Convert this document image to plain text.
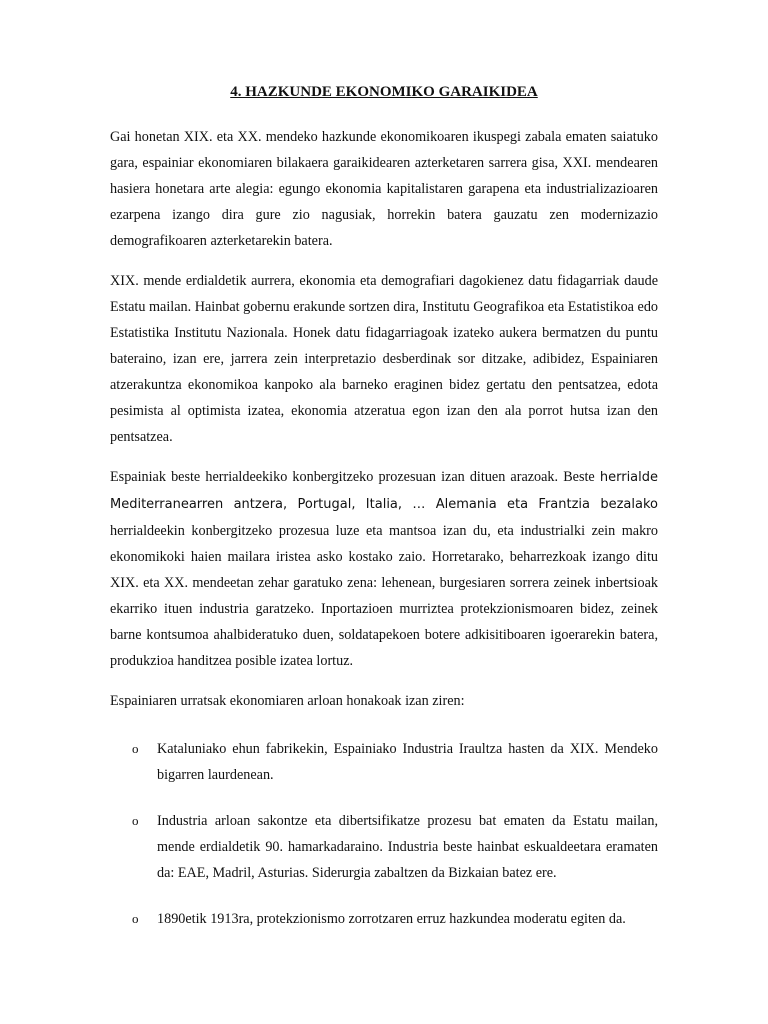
4. HAZKUNDE EKONOMIKO GARAIKIDEA

Gai honetan XIX. eta XX. mendeko hazkunde ekonomikoaren ikuspegi zabala ematen saiatuko gara, espainiar ekonomiaren bilakaera garaikidearen azterketaren sarrera gisa, XXI. mendearen hasiera honetara arte alegia: egungo ekonomia kapitalistaren garapena eta industrializazioaren ezarpena izango dira gure zio nagusiak, horrekin batera gauzatu zen modernizazio demografikoaren azterketarekin batera.

XIX. mende erdialdetik aurrera, ekonomia eta demografiari dagokienez datu fidagarriak daude Estatu mailan. Hainbat gobernu erakunde sortzen dira, Institutu Geografikoa eta Estatistikoa edo Estatistika Institutu Nazionala. Honek datu fidagarriagoak izateko aukera bermatzen du puntu bateraino, izan ere, jarrera zein interpretazio desberdinak sor ditzake, adibidez, Espainiaren atzerakuntza ekonomikoa kanpoko ala barneko eraginen bidez gertatu den pentsatzea, edota pesimista al optimista izatea, ekonomia atzeratua egon izan den ala porrot hutsa izan den pentsatzea.

Espainiak beste herrialdeekiko konbergitzeko prozesuan izan dituen arazoak. Beste herrialde Mediterranearren antzera, Portugal, Italia, … Alemania eta Frantzia bezalako herrialdeekin konbergitzeko prozesua luze eta mantsoa izan du, eta industrialki zein makro ekonomikoki haien mailara iristea asko kostako zaio. Horretarako, beharrezkoak izango ditu XIX. eta XX. mendeetan zehar garatuko zena: lehenean, burgesiaren sorrera zeinek inbertsioak ekarriko ituen industria garatzeko. Inportazioen murriztea protekzionismoaren bidez, zeinek barne kontsumoa ahalbideratuko duen, soldatapekoen botere adkisitiboaren igoerarekin batera, produkzioa handitzea posible izatea lortuz.

Espainiaren urratsak ekonomiaren arloan honakoak izan ziren:

o Kataluniako ehun fabrikekin, Espainiako Industria Iraultza hasten da XIX. Mendeko bigarren laurdenean.
o Industria arloan sakontze eta dibertsifikatze prozesu bat ematen da Estatu mailan, mende erdialdetik 90. hamarkadaraino. Industria beste hainbat eskualdeetara eramaten da: EAE, Madril, Asturias. Siderurgia zabaltzen da Bizkaian batez ere.
o 1890etik 1913ra, protekzionismo zorrotzaren erruz hazkundea moderatu egiten da.
